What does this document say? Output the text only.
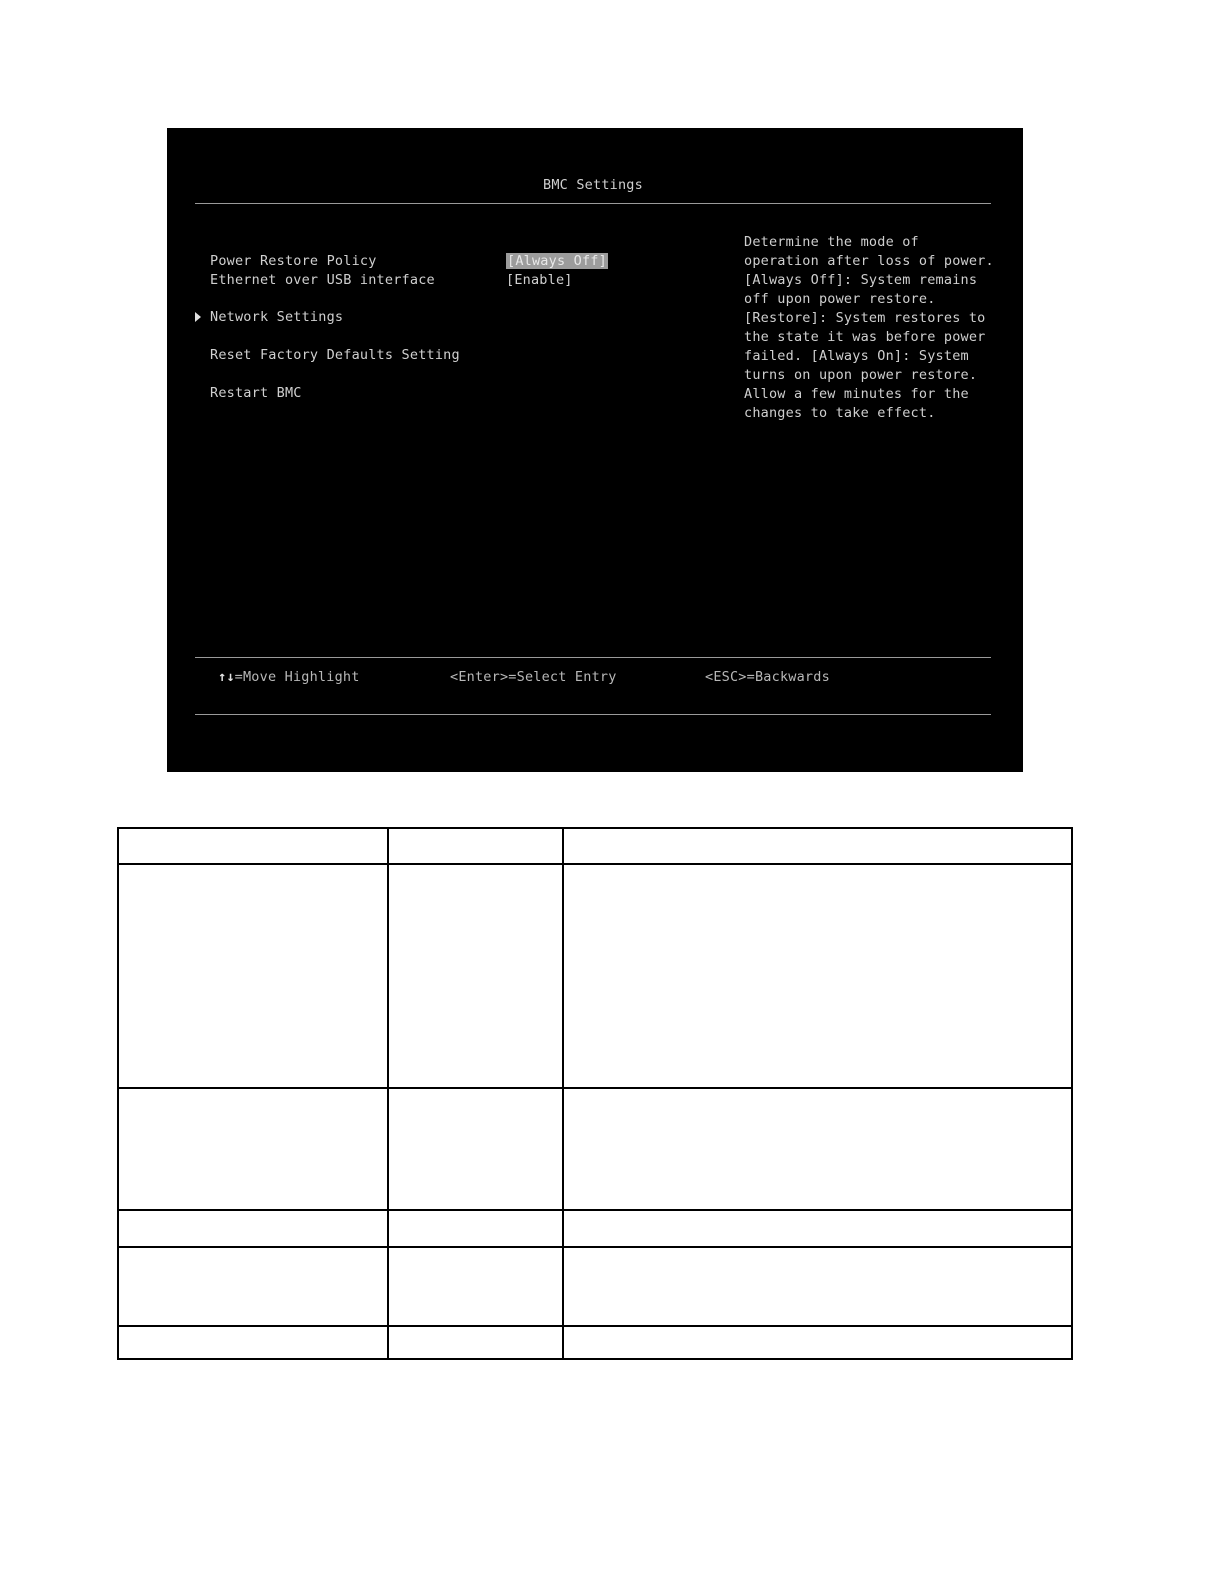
BMC Settings
Power Restore Policy	[Always Off]
Ethernet over USB interface	[Enable]
Network Settings
Reset Factory Defaults Setting
Restart BMC
Determine the mode of
operation after loss of power.
[Always Off]: System remains
off upon power restore.
[Restore]: System restores to
the state it was before power
failed. [Always On]: System
turns on upon power restore.
Allow a few minutes for the
changes to take effect.
↑↓=Move Highlight	<Enter>=Select Entry	<ESC>=Backwards
